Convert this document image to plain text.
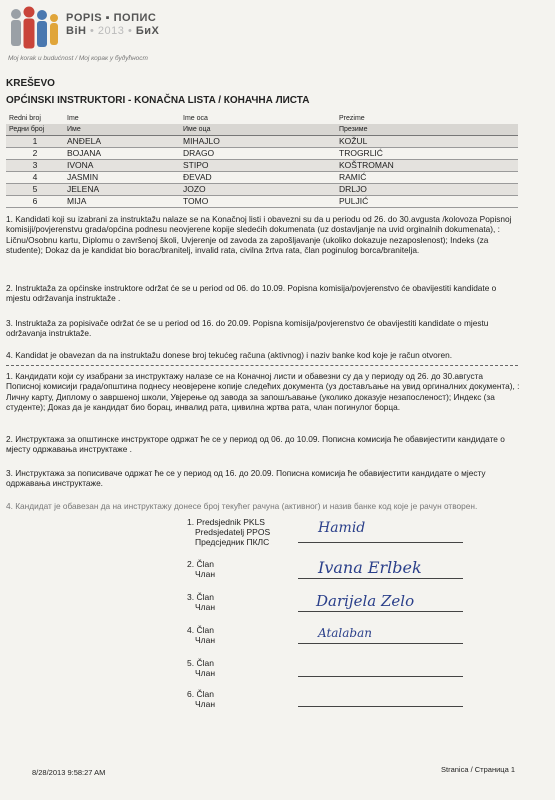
POPIS ▪ ПОПИС
BiH • 2013 • БиХ
Moj korak u budućnost / Мој корак у будућност
KREŠEVO
OPĆINSKI INSTRUKTORI - KONAČNA LISTA / КОНАЧНА ЛИСТА
Redni broj	Ime	Ime oca	Prezime
Редни број	Име	Име оца	Презиме
1	ANĐELA	MIHAJLO	KOŽUL
2	BOJANA	DRAGO	TROGRLIĆ
3	IVONA	STIPO	KOŠTROMAN
4	JASMIN	ĐEVAD	RAMIĆ
5	JELENA	JOZO	DRLJO
6	MIJA	TOMO	PULJIĆ

1. Kandidati koji su izabrani za instruktažu nalaze se na Konačnoj listi i obavezni su da u periodu od 26. do 30.avgusta /kolovoza Popisnoj komisiji/povjerenstvu grada/općina podnesu neovjerene kopije sledećih dokumenata (uz dostavljanje na uvid orginalnih dokumenata), : Ličnu/Osobnu kartu, Diplomu o završenoj školi, Uvjerenje od zavoda za zapošljavanje (ukoliko dokazuje nezaposlenost); Indeks (za studente); Dokaz da je kandidat bio borac/branitelj, invalid rata, civilna žrtva rata, član poginulog borca/branitelja.

2. Instruktaža za općinske instruktore održat će se u period od 06. do 10.09. Popisna komisija/povjerenstvo će obavijestiti kandidate o mjestu održavanja instruktaže .

3. Instruktaža za popisivače održat će se u period od 16. do 20.09. Popisna komisija/povjerenstvo će obavijestiti kandidate o mjestu održavanja instruktaže.

4. Kandidat je obavezan da na instruktažu donese broj tekućeg računa (aktivnog) i naziv banke kod koje je račun otvoren.

1. Кандидати који су изабрани за инструктажу налазе се на Коначној листи и обавезни су да у периоду од 26. до 30.августа Пописној комисији града/општина поднесу неовјерене копије следећих документа (уз достављање на увид оргиналних документа), : Личну карту, Диплому о завршеној школи, Увјерење од завода за запошљавање (уколико доказује незапосленост); Индекс (за студенте); Доказ да је кандидат био борац, инвалид рата, цивилна жртва рата, члан погинулог борца.

2. Инструктажа за општинске инструкторе одржат ће се у период од 06. до 10.09. Пописна комисија ће обавијестити кандидате о мјесту одржавања инструктаже .

3. Инструктажа за пописиваче одржат ће се у период од 16. до 20.09. Пописна комисија ће обавијестити кандидате о мјесту одржавања инструктаже.

4. Кандидат је обавезан да на инструктажу донесе број текућег рачуна (активног) и назив банке код које је рачун отворен.
1. Predsjednik PKLS
Predsjedatelj PPOS
Предсједник ПКЛС
Hamid
2. Član
Члан	Ivana Erlbek
3. Član
Члан	Darijela Zelo
4. Član
Члан	Atalaban
5. Član
Члан
6. Član
Члан
8/28/2013 9:58:27 AM	Stranica / Страница 1
